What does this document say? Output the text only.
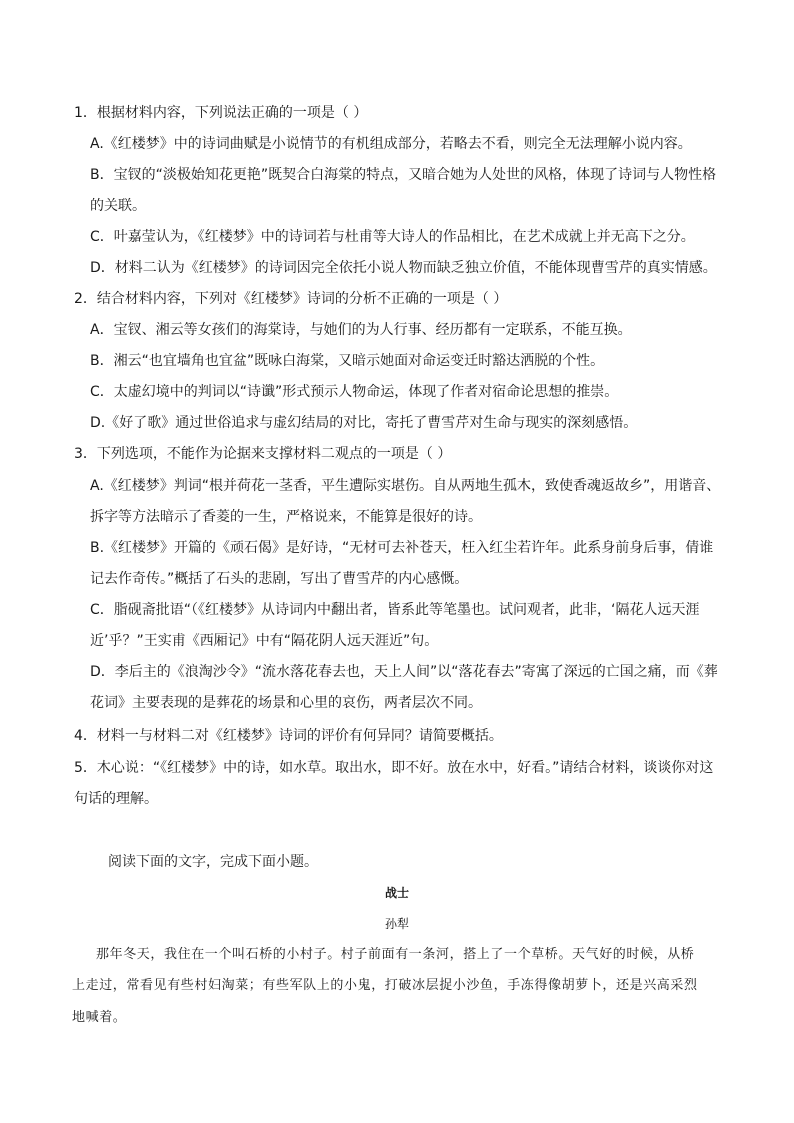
1．根据材料内容，下列说法正确的一项是（ ）
A.《红楼梦》中的诗词曲赋是小说情节的有机组成部分，若略去不看，则完全无法理解小说内容。
B．宝钗的“淡极始知花更艳”既契合白海棠的特点，又暗合她为人处世的风格，体现了诗词与人物性格
的关联。
C．叶嘉莹认为，《红楼梦》中的诗词若与杜甫等大诗人的作品相比，在艺术成就上并无高下之分。
D．材料二认为《红楼梦》的诗词因完全依托小说人物而缺乏独立价值，不能体现曹雪芹的真实情感。
2．结合材料内容，下列对《红楼梦》诗词的分析不正确的一项是（ ）
A．宝钗、湘云等女孩们的海棠诗，与她们的为人行事、经历都有一定联系，不能互换。
B．湘云“也宜墙角也宜盆”既咏白海棠，又暗示她面对命运变迁时豁达洒脱的个性。
C．太虚幻境中的判词以“诗谶”形式预示人物命运，体现了作者对宿命论思想的推崇。
D.《好了歌》通过世俗追求与虚幻结局的对比，寄托了曹雪芹对生命与现实的深刻感悟。
3．下列选项，不能作为论据来支撑材料二观点的一项是（ ）
A.《红楼梦》判词“根并荷花一茎香，平生遭际实堪伤。自从两地生孤木，致使香魂返故乡”，用谐音、
拆字等方法暗示了香菱的一生，严格说来，不能算是很好的诗。
B.《红楼梦》开篇的《顽石偈》是好诗，“无材可去补苍天，枉入红尘若许年。此系身前身后事，倩谁
记去作奇传。”概括了石头的悲剧，写出了曹雪芹的内心感慨。
C．脂砚斋批语“（《红楼梦》从诗词内中翻出者，皆系此等笔墨也。试问观者，此非，‘隔花人远天涯
近’乎？”王实甫《西厢记》中有“隔花阴人远天涯近”句。
D．李后主的《浪淘沙令》“流水落花春去也，天上人间”以“落花春去”寄寓了深远的亡国之痛，而《葬
花词》主要表现的是葬花的场景和心里的哀伤，两者层次不同。
4．材料一与材料二对《红楼梦》诗词的评价有何异同？请简要概括。
5．木心说：“《红楼梦》中的诗，如水草。取出水，即不好。放在水中，好看。”请结合材料，谈谈你对这
句话的理解。
阅读下面的文字，完成下面小题。
战士
孙犁
那年冬天，我住在一个叫石桥的小村子。村子前面有一条河，搭上了一个草桥。天气好的时候，从桥
上走过，常看见有些村妇淘菜；有些军队上的小鬼，打破冰层捉小沙鱼，手冻得像胡萝卜，还是兴高采烈
地喊着。
